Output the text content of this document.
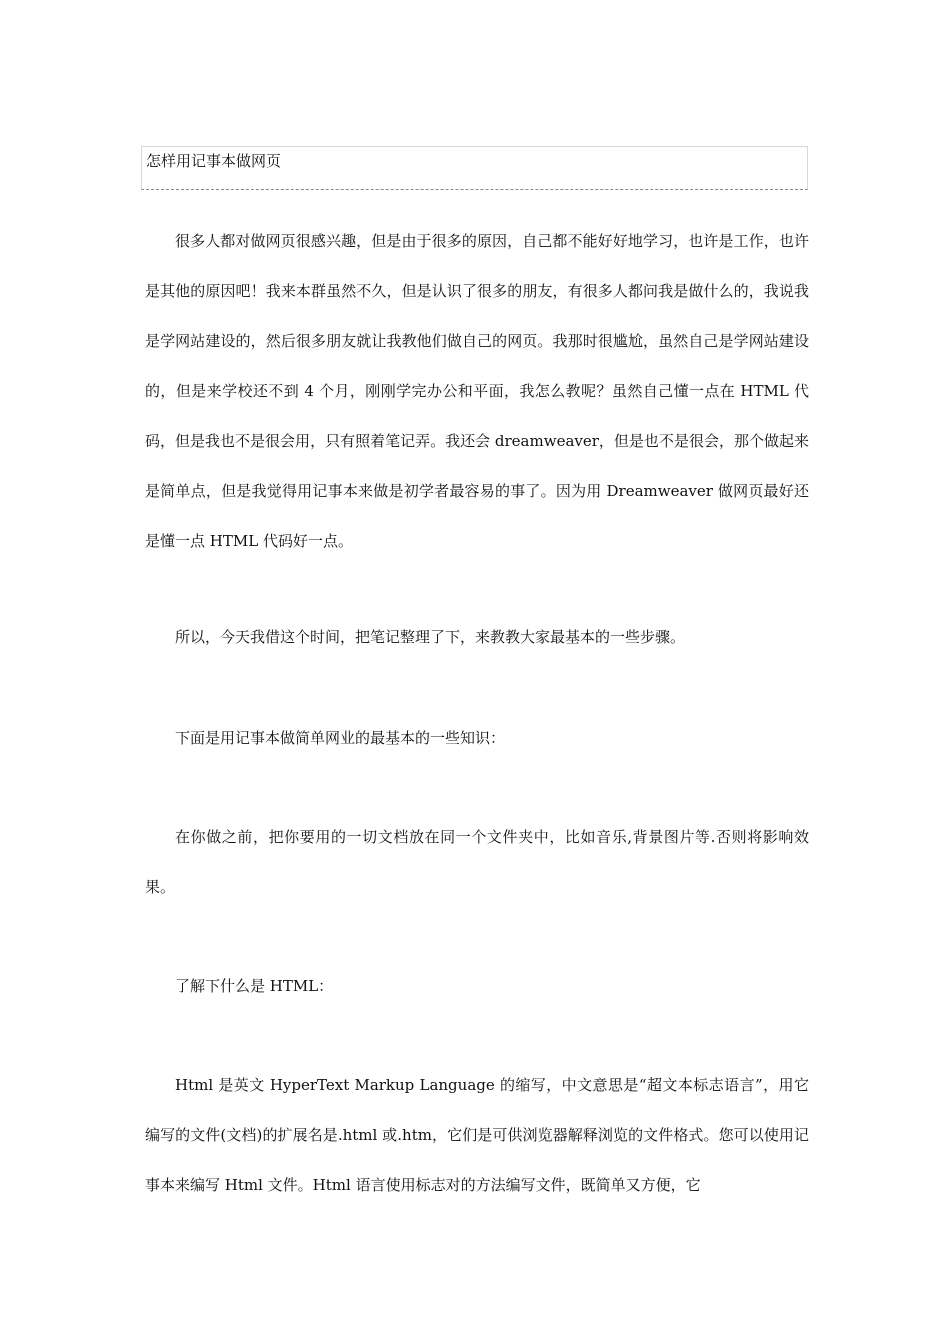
怎样用记事本做网页

很多人都对做网页很感兴趣，但是由于很多的原因，自己都不能好好地学习，也许是工作，也许是其他的原因吧！我来本群虽然不久，但是认识了很多的朋友，有很多人都问我是做什么的，我说我是学网站建设的，然后很多朋友就让我教他们做自己的网页。我那时很尴尬，虽然自己是学网站建设的，但是来学校还不到 4 个月，刚刚学完办公和平面，我怎么教呢？虽然自己懂一点在 HTML 代码，但是我也不是很会用，只有照着笔记弄。我还会 dreamweaver，但是也不是很会，那个做起来是简单点，但是我觉得用记事本来做是初学者最容易的事了。因为用 Dreamweaver 做网页最好还是懂一点 HTML 代码好一点。

所以，今天我借这个时间，把笔记整理了下，来教教大家最基本的一些步骤。

下面是用记事本做简单网业的最基本的一些知识：

在你做之前，把你要用的一切文档放在同一个文件夹中，比如音乐,背景图片等.否则将影响效果。

了解下什么是 HTML：

Html 是英文 HyperText Markup Language 的缩写，中文意思是“超文本标志语言”，用它编写的文件(文档)的扩展名是.html 或.htm，它们是可供浏览器解释浏览的文件格式。您可以使用记事本来编写 Html 文件。Html 语言使用标志对的方法编写文件，既简单又方便，它
